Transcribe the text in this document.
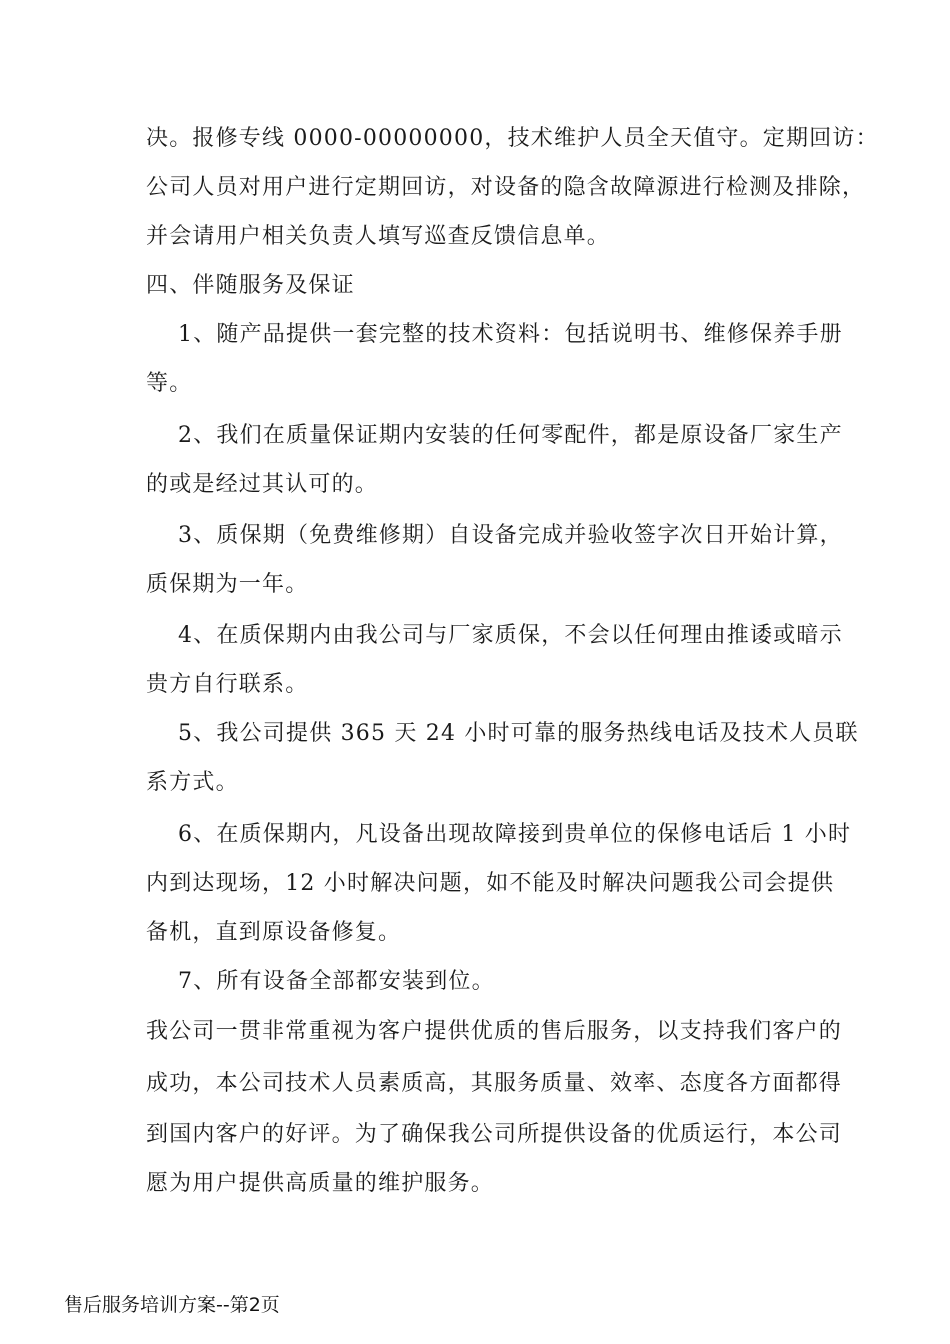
决。报修专线 0000-00000000，技术维护人员全天值守。定期回访：
公司人员对用户进行定期回访，对设备的隐含故障源进行检测及排除，
并会请用户相关负责人填写巡查反馈信息单。
四、伴随服务及保证
1、随产品提供一套完整的技术资料：包括说明书、维修保养手册
等。
2、我们在质量保证期内安装的任何零配件，都是原设备厂家生产
的或是经过其认可的。
3、质保期（免费维修期）自设备完成并验收签字次日开始计算，
质保期为一年。
4、在质保期内由我公司与厂家质保，不会以任何理由推诿或暗示
贵方自行联系。
5、我公司提供 365 天 24 小时可靠的服务热线电话及技术人员联
系方式。
6、在质保期内，凡设备出现故障接到贵单位的保修电话后 1 小时
内到达现场，12 小时解决问题，如不能及时解决问题我公司会提供
备机，直到原设备修复。
7、所有设备全部都安装到位。
我公司一贯非常重视为客户提供优质的售后服务，以支持我们客户的
成功，本公司技术人员素质高，其服务质量、效率、态度各方面都得
到国内客户的好评。为了确保我公司所提供设备的优质运行，本公司
愿为用户提供高质量的维护服务。
售后服务培训方案--第2页
